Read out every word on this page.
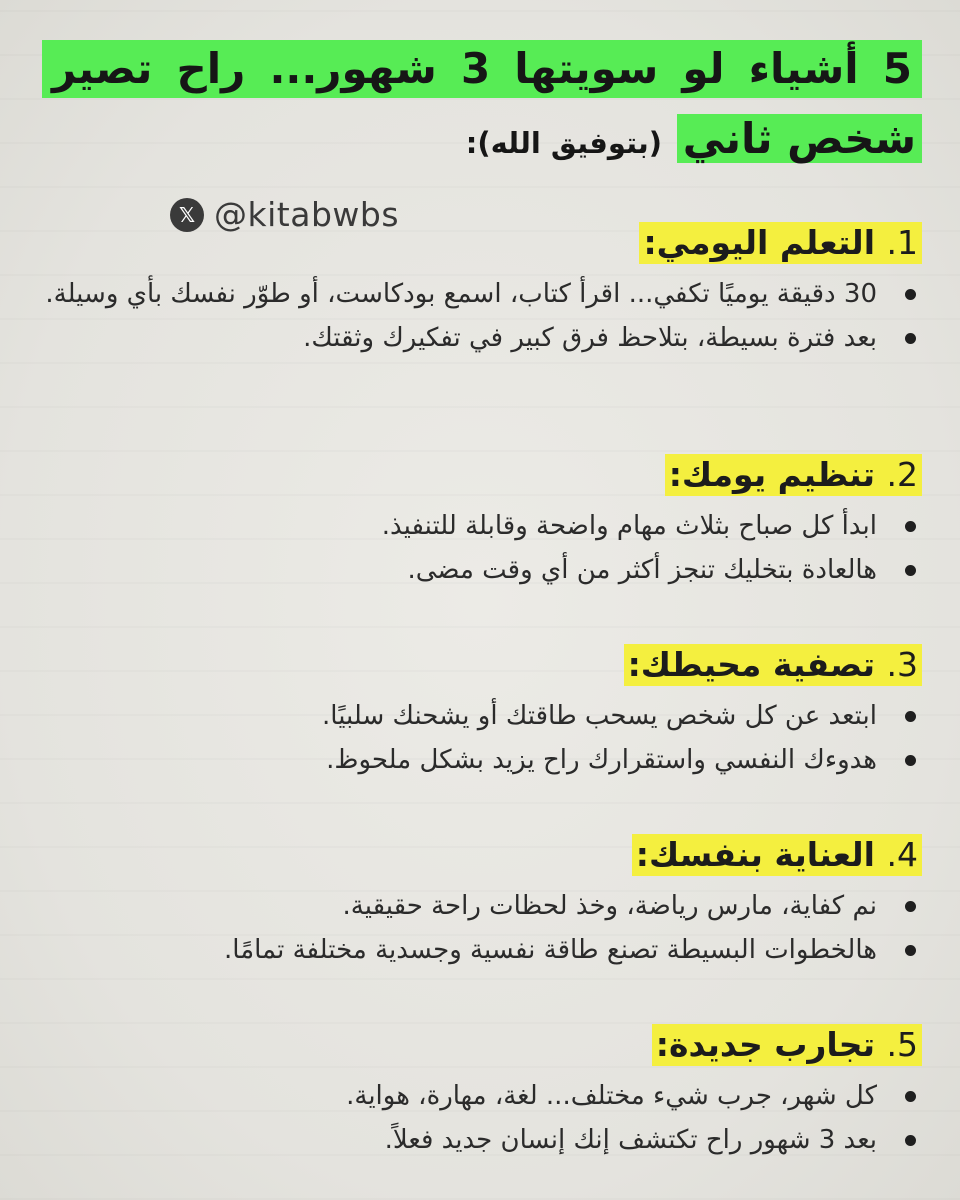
5 أشياء لو سويتها 3 شهور... راح تصير
شخص ثاني (بتوفيق الله):
𝕏 @kitabwbs
1. التعلم اليومي:
30 دقيقة يوميًا تكفي... اقرأ كتاب، اسمع بودكاست، أو طوّر نفسك بأي وسيلة.
بعد فترة بسيطة، بتلاحظ فرق كبير في تفكيرك وثقتك.
2. تنظيم يومك:
ابدأ كل صباح بثلاث مهام واضحة وقابلة للتنفيذ.
هالعادة بتخليك تنجز أكثر من أي وقت مضى.
3. تصفية محيطك:
ابتعد عن كل شخص يسحب طاقتك أو يشحنك سلبيًا.
هدوءك النفسي واستقرارك راح يزيد بشكل ملحوظ.
4. العناية بنفسك:
نم كفاية، مارس رياضة، وخذ لحظات راحة حقيقية.
هالخطوات البسيطة تصنع طاقة نفسية وجسدية مختلفة تمامًا.
5. تجارب جديدة:
كل شهر، جرب شيء مختلف... لغة، مهارة، هواية.
بعد 3 شهور راح تكتشف إنك إنسان جديد فعلاً.
